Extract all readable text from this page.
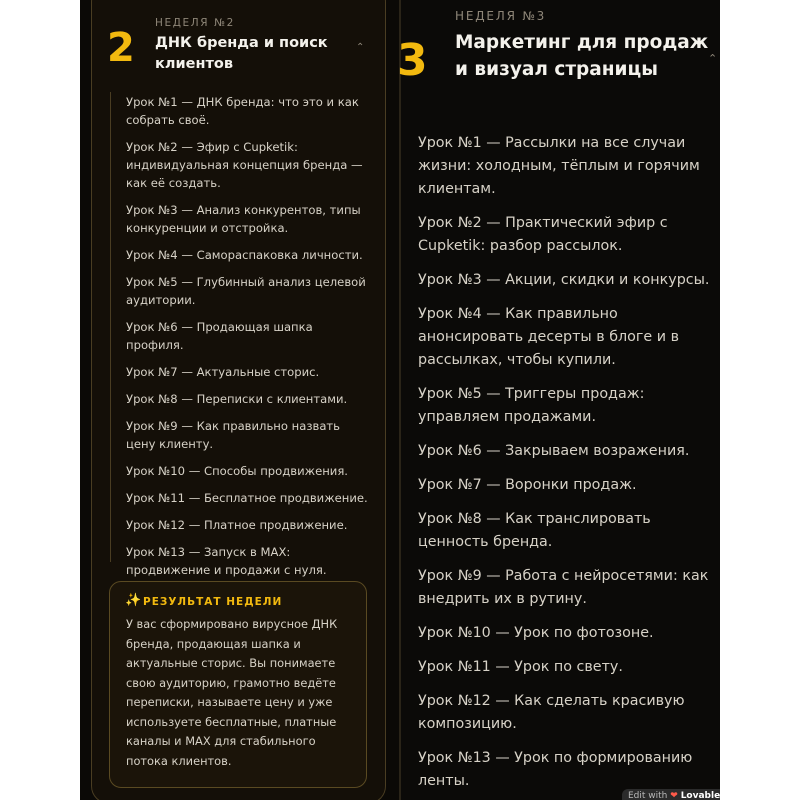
2
НЕДЕЛЯ №2
ДНК бренда и поиск клиентов
⌃
Урок №1 — ДНК бренда: что это и как собрать своё.
Урок №2 — Эфир с Cupketik: индивидуальная концепция бренда — как её создать.
Урок №3 — Анализ конкурентов, типы конкуренции и отстройка.
Урок №4 — Самораспаковка личности.
Урок №5 — Глубинный анализ целевой аудитории.
Урок №6 — Продающая шапка профиля.
Урок №7 — Актуальные сторис.
Урок №8 — Переписки с клиентами.
Урок №9 — Как правильно назвать цену клиенту.
Урок №10 — Способы продвижения.
Урок №11 — Бесплатное продвижение.
Урок №12 — Платное продвижение.
Урок №13 — Запуск в MAX: продвижение и продажи с нуля.
✨ РЕЗУЛЬТАТ НЕДЕЛИ
У вас сформировано вирусное ДНК бренда, продающая шапка и актуальные сторис. Вы понимаете свою аудиторию, грамотно ведёте переписки, называете цену и уже используете бесплатные, платные каналы и MAX для стабильного потока клиентов.
3
НЕДЕЛЯ №3
Маркетинг для продаж и визуал страницы
⌃
Урок №1 — Рассылки на все случаи жизни: холодным, тёплым и горячим клиентам.
Урок №2 — Практический эфир с Cupketik: разбор рассылок.
Урок №3 — Акции, скидки и конкурсы.
Урок №4 — Как правильно анонсировать десерты в блоге и в рассылках, чтобы купили.
Урок №5 — Триггеры продаж: управляем продажами.
Урок №6 — Закрываем возражения.
Урок №7 — Воронки продаж.
Урок №8 — Как транслировать ценность бренда.
Урок №9 — Работа с нейросетями: как внедрить их в рутину.
Урок №10 — Урок по фотозоне.
Урок №11 — Урок по свету.
Урок №12 — Как сделать красивую композицию.
Урок №13 — Урок по формированию ленты.
Edit with ❤ Lovable
